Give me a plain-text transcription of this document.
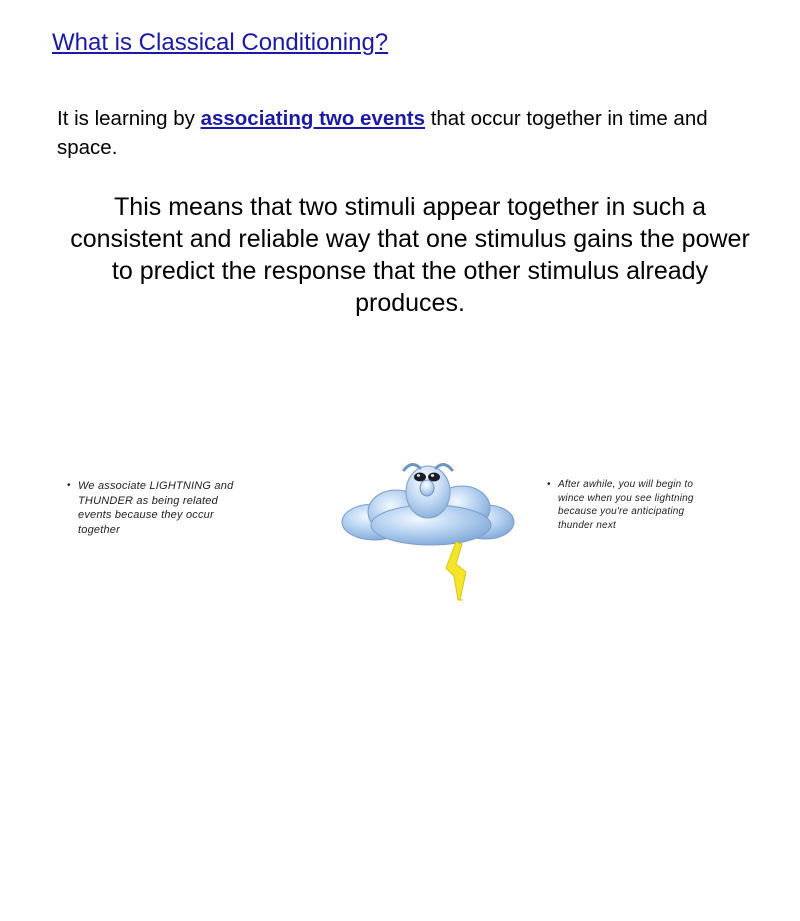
What is Classical Conditioning?

It is learning by associating two events that occur together in time and space.

This means that two stimuli appear together in such a consistent and reliable way that one stimulus gains the power to predict the response that the other stimulus already produces.

• We associate LIGHTNING and THUNDER as being related events because they occur together
• After awhile, you will begin to wince when you see lightning because you're anticipating thunder next
